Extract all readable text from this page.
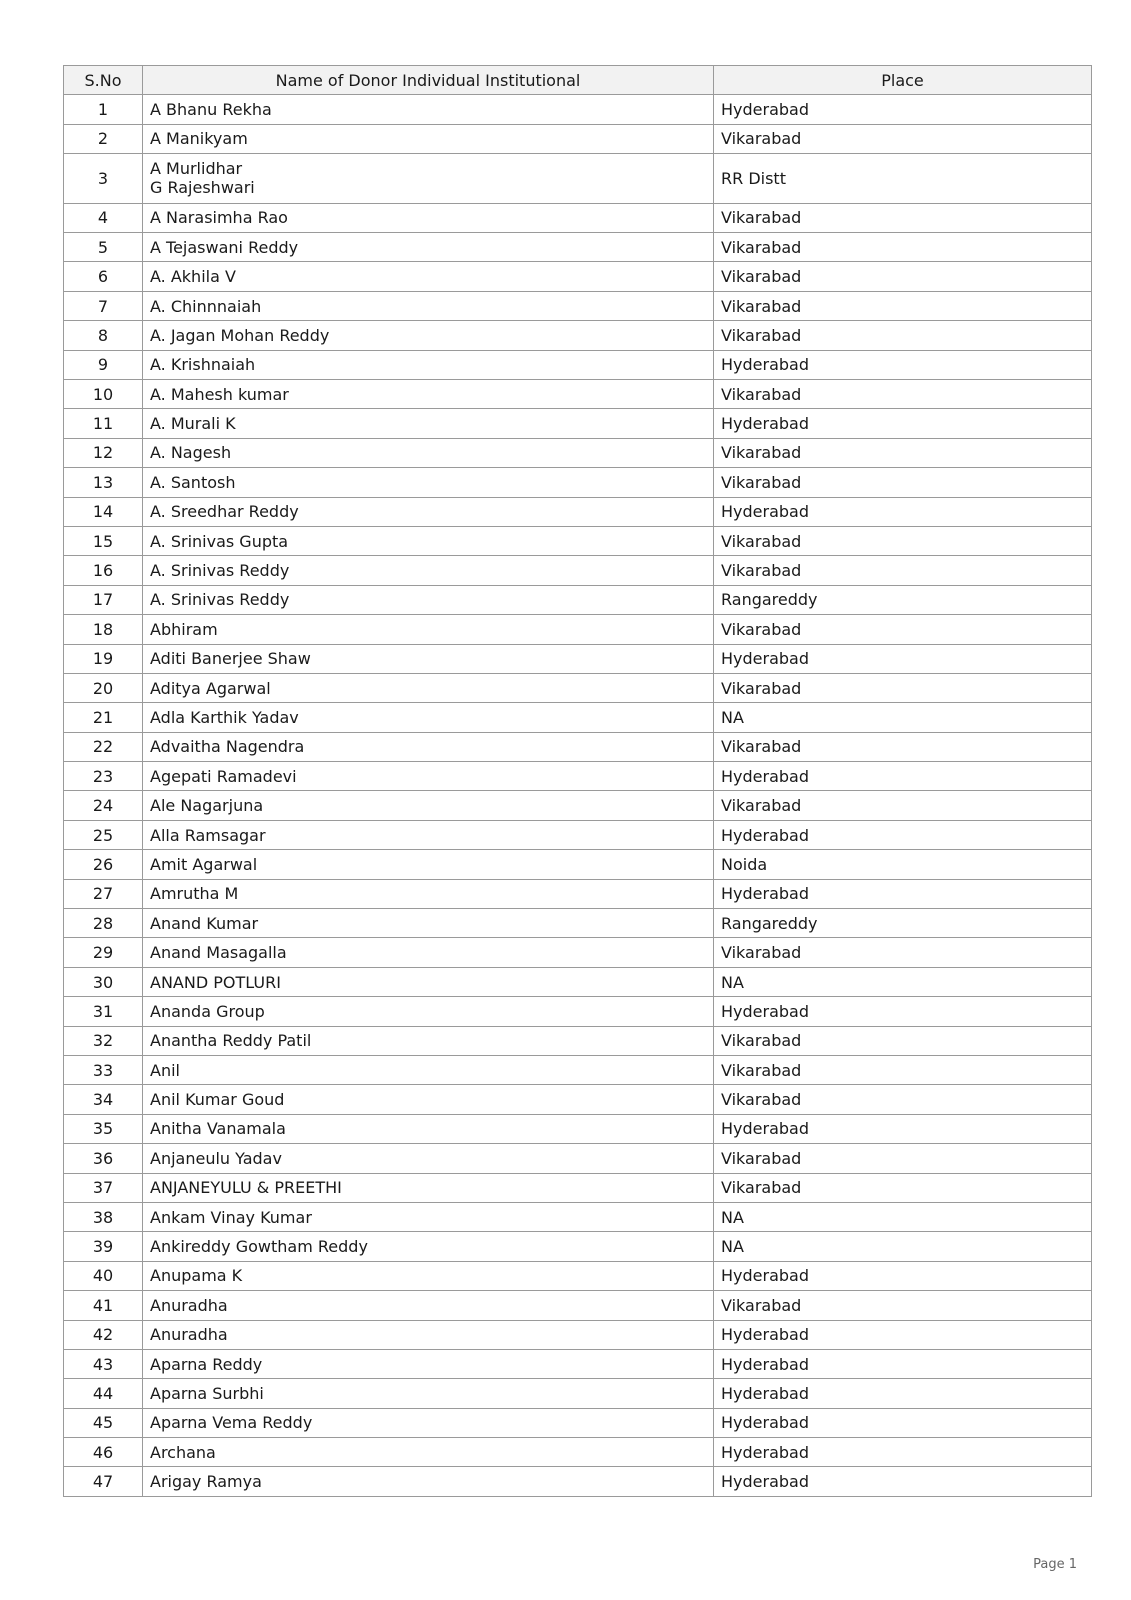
S.No	Name of Donor Individual Institutional	Place
1	A Bhanu Rekha	Hyderabad
2	A Manikyam	Vikarabad
3	A Murlidhar
G Rajeshwari	RR Distt
4	A Narasimha Rao	Vikarabad
5	A Tejaswani Reddy	Vikarabad
6	A. Akhila V	Vikarabad
7	A. Chinnnaiah	Vikarabad
8	A. Jagan Mohan Reddy	Vikarabad
9	A. Krishnaiah	Hyderabad
10	A. Mahesh kumar	Vikarabad
11	A. Murali K	Hyderabad
12	A. Nagesh	Vikarabad
13	A. Santosh	Vikarabad
14	A. Sreedhar Reddy	Hyderabad
15	A. Srinivas Gupta	Vikarabad
16	A. Srinivas Reddy	Vikarabad
17	A. Srinivas Reddy	Rangareddy
18	Abhiram	Vikarabad
19	Aditi Banerjee Shaw	Hyderabad
20	Aditya Agarwal	Vikarabad
21	Adla Karthik Yadav	NA
22	Advaitha Nagendra	Vikarabad
23	Agepati Ramadevi	Hyderabad
24	Ale Nagarjuna	Vikarabad
25	Alla Ramsagar	Hyderabad
26	Amit Agarwal	Noida
27	Amrutha M	Hyderabad
28	Anand Kumar	Rangareddy
29	Anand Masagalla	Vikarabad
30	ANAND POTLURI	NA
31	Ananda Group	Hyderabad
32	Anantha Reddy Patil	Vikarabad
33	Anil	Vikarabad
34	Anil Kumar Goud	Vikarabad
35	Anitha Vanamala	Hyderabad
36	Anjaneulu Yadav	Vikarabad
37	ANJANEYULU & PREETHI	Vikarabad
38	Ankam Vinay Kumar	NA
39	Ankireddy Gowtham Reddy	NA
40	Anupama K	Hyderabad
41	Anuradha	Vikarabad
42	Anuradha	Hyderabad
43	Aparna Reddy	Hyderabad
44	Aparna Surbhi	Hyderabad
45	Aparna Vema Reddy	Hyderabad
46	Archana	Hyderabad
47	Arigay Ramya	Hyderabad
Page 1
